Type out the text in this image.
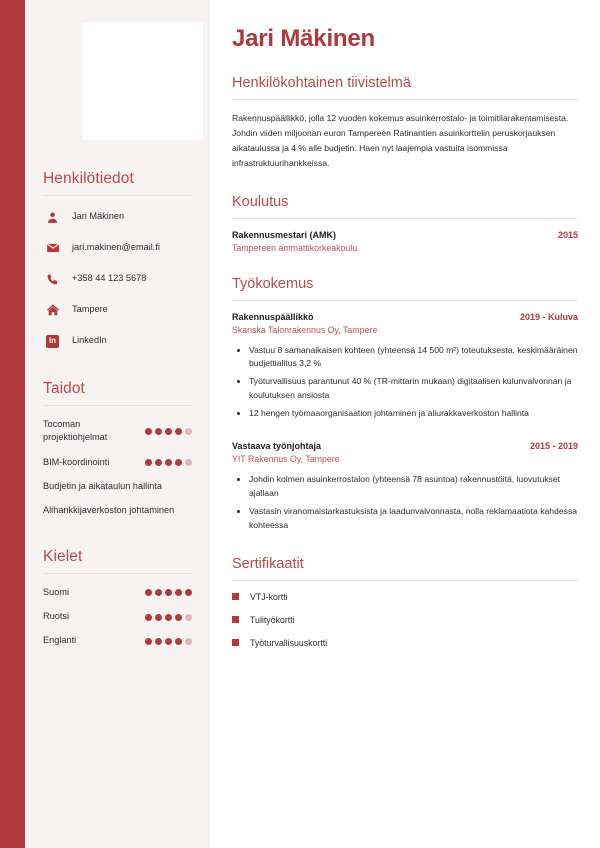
Henkilötiedot
Jari Mäkinen
jari.makinen@email.fi
+358 44 123 5678
Tampere
in	LinkedIn
Taidot
Tocoman projektiohjelmat
BIM-koordinointi
Budjetin ja aikataulun hallinta
Alihankkijaverkoston johtaminen
Kielet
Suomi
Ruotsi
Englanti
Jari Mäkinen
Henkilökohtainen tiivistelmä

Rakennuspäällikkö, jolla 12 vuoden kokemus asuinkerrostalo- ja toimitilarakentamisesta. Johdin viiden miljoonan euron Tampereen Ratinantien asuinkorttelin peruskorjauksen aikataulussa ja 4 % alle budjetin. Haen nyt laajempia vastuita isommissa infrastruktuurihankkeissa.

Koulutus
Rakennusmestari (AMK)	2015
Tampereen ammattikorkeakoulu
Työkokemus
Rakennuspäällikkö	2019 - Kuluva
Skanska Talonrakennus Oy, Tampere
• Vastuu 8 samanaikaisen kohteen (yhteensä 14 500 m²) toteutuksesta, keskimääräinen budjettialitus 3,2 %
• Työturvallisuus parantunut 40 % (TR-mittarin mukaan) digitaalisen kulunvalvonnan ja koulutuksen ansiosta
• 12 hengen työmaaorganisaation johtaminen ja aliurakkaverkoston hallinta
Vastaava työnjohtaja	2015 - 2019
YIT Rakennus Oy, Tampere
• Johdin kolmen asuinkerrostalon (yhteensä 78 asuntoa) rakennustöitä, luovutukset ajallaan
• Vastasin viranomaistarkastuksista ja laadunvalvonnasta, nolla reklamaatiota kahdessa kohteessa
Sertifikaatit
VTJ-kortti
Tulityökortti
Työturvallisuuskortti
